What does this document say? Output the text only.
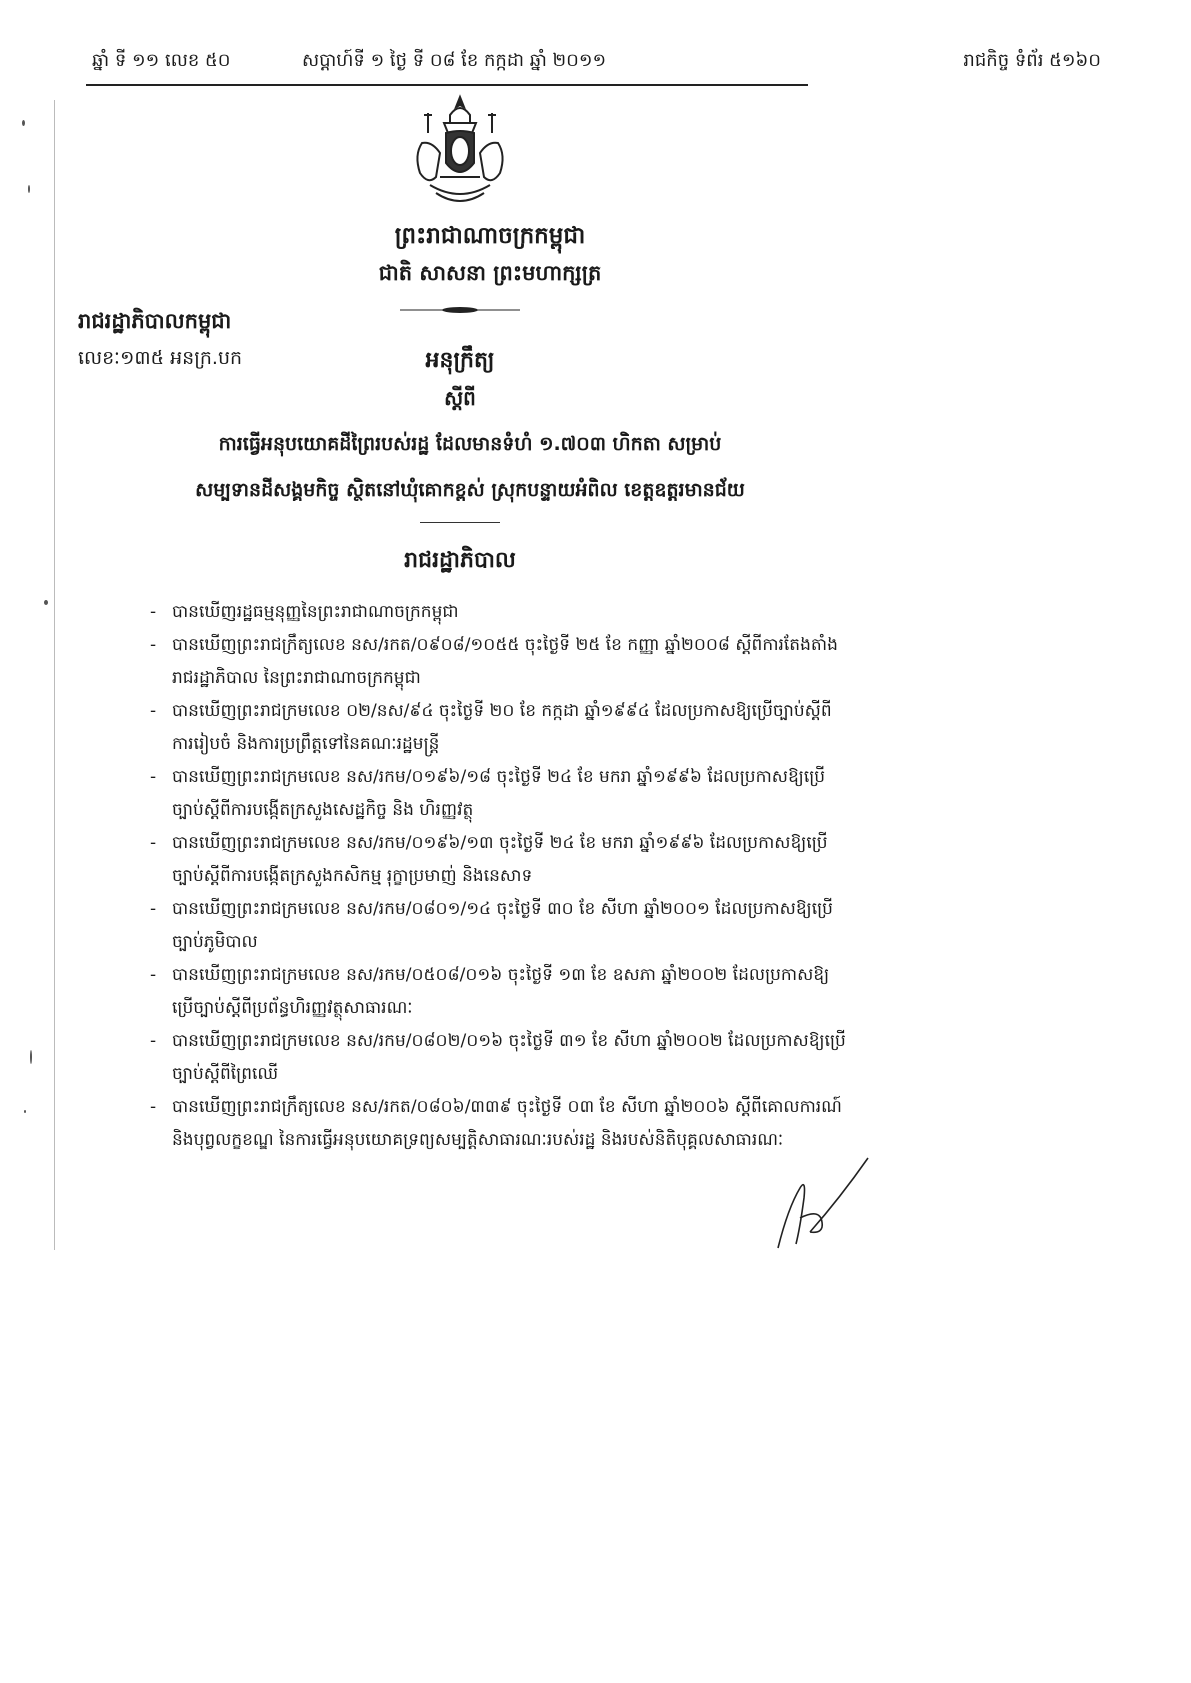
ឆ្នាំ ទី ១១ លេខ ៥០	សប្តាហ៍ទី ១ ថ្ងៃ ទី ០៨ ខែ កក្កដា ឆ្នាំ ២០១១	រាជកិច្ច ទំព័រ ៥១៦០
ព្រះរាជាណាចក្រកម្ពុជា
ជាតិ សាសនា ព្រះមហាក្សត្រ
រាជរដ្ឋាភិបាលកម្ពុជា
លេខៈ១៣៥ អនក្រ.បក	អនុក្រឹត្យ
ស្តីពី
ការធ្វើអនុបយោគដីព្រៃរបស់រដ្ឋ ដែលមានទំហំ ១.៧០៣ ហិកតា សម្រាប់
សម្បទានដីសង្គមកិច្ច ស្ថិតនៅឃុំគោកខ្ពស់ ស្រុកបន្ទាយអំពិល ខេត្តឧត្តរមានជ័យ
រាជរដ្ឋាភិបាល

- បានឃើញរដ្ឋធម្មនុញ្ញនៃព្រះរាជាណាចក្រកម្ពុជា

- បានឃើញព្រះរាជក្រឹត្យលេខ នស/រកត/០៩០៨/១០៥៥ ចុះថ្ងៃទី ២៥ ខែ កញ្ញា ឆ្នាំ២០០៨ ស្តីពីការតែងតាំងរាជរដ្ឋាភិបាល នៃព្រះរាជាណាចក្រកម្ពុជា

- បានឃើញព្រះរាជក្រមលេខ ០២/នស/៩៤ ចុះថ្ងៃទី ២០ ខែ កក្កដា ឆ្នាំ១៩៩៤ ដែលប្រកាសឱ្យប្រើច្បាប់ស្តីពីការរៀបចំ និងការប្រព្រឹត្តទៅនៃគណៈរដ្ឋមន្ត្រី

- បានឃើញព្រះរាជក្រមលេខ នស/រកម/០១៩៦/១៨ ចុះថ្ងៃទី ២៤ ខែ មករា ឆ្នាំ១៩៩៦ ដែលប្រកាសឱ្យប្រើច្បាប់ស្តីពីការបង្កើតក្រសួងសេដ្ឋកិច្ច និង ហិរញ្ញវត្ថុ

- បានឃើញព្រះរាជក្រមលេខ នស/រកម/០១៩៦/១៣ ចុះថ្ងៃទី ២៤ ខែ មករា ឆ្នាំ១៩៩៦ ដែលប្រកាសឱ្យប្រើច្បាប់ស្តីពីការបង្កើតក្រសួងកសិកម្ម រុក្ខាប្រមាញ់ និងនេសាទ

- បានឃើញព្រះរាជក្រមលេខ នស/រកម/០៨០១/១៤ ចុះថ្ងៃទី ៣០ ខែ សីហា ឆ្នាំ២០០១ ដែលប្រកាសឱ្យប្រើច្បាប់ភូមិបាល

- បានឃើញព្រះរាជក្រមលេខ នស/រកម/០៥០៨/០១៦ ចុះថ្ងៃទី ១៣ ខែ ឧសភា ឆ្នាំ២០០២ ដែលប្រកាសឱ្យប្រើច្បាប់ស្តីពីប្រព័ន្ធហិរញ្ញវត្ថុសាធារណៈ

- បានឃើញព្រះរាជក្រមលេខ នស/រកម/០៨០២/០១៦ ចុះថ្ងៃទី ៣១ ខែ សីហា ឆ្នាំ២០០២ ដែលប្រកាសឱ្យប្រើច្បាប់ស្តីពីព្រៃឈើ

- បានឃើញព្រះរាជក្រឹត្យលេខ នស/រកត/០៨០៦/៣៣៩ ចុះថ្ងៃទី ០៣ ខែ សីហា ឆ្នាំ២០០៦ ស្តីពីគោលការណ៍ និងបុព្វលក្ខខណ្ឌ នៃការធ្វើអនុបយោគទ្រព្យសម្បត្តិសាធារណៈរបស់រដ្ឋ និងរបស់និតិបុគ្គលសាធារណៈ
